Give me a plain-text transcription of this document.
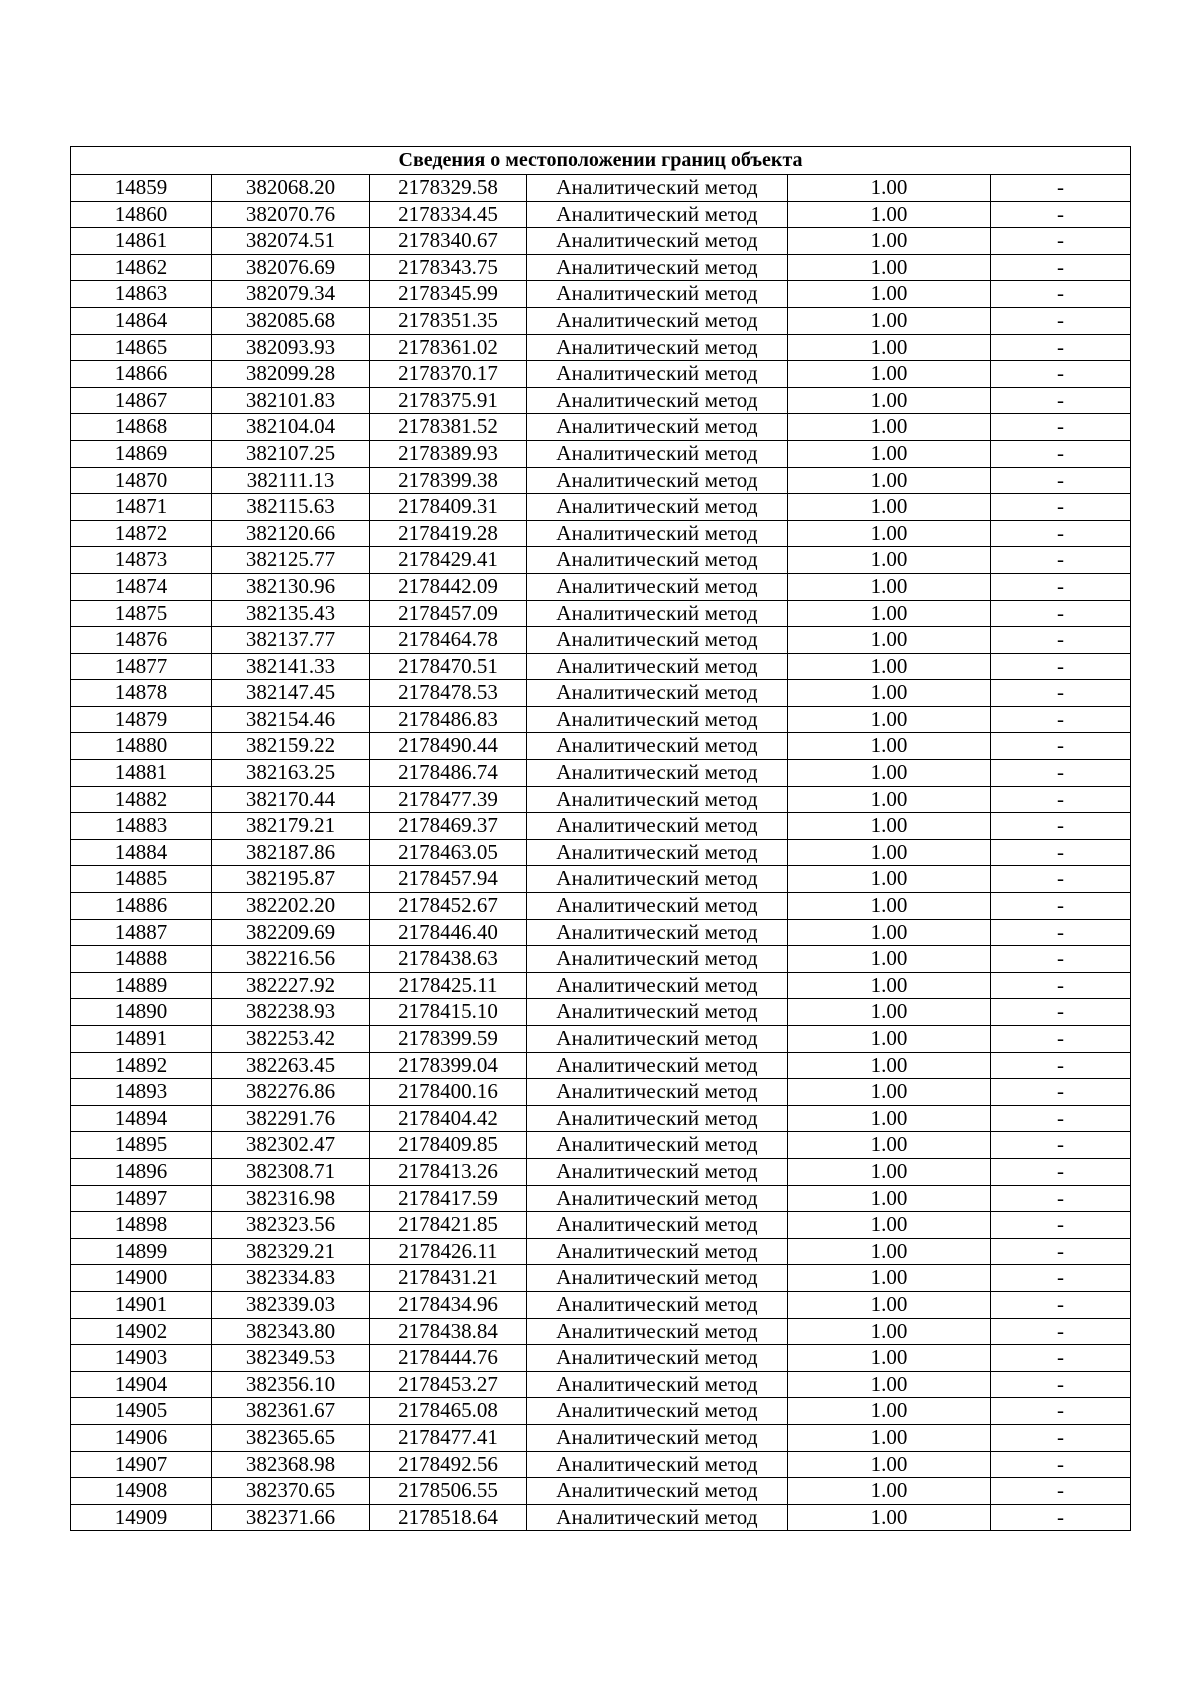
Сведения о местоположении границ объекта					
14859	382068.20	2178329.58	Аналитический метод	1.00	-
14860	382070.76	2178334.45	Аналитический метод	1.00	-
14861	382074.51	2178340.67	Аналитический метод	1.00	-
14862	382076.69	2178343.75	Аналитический метод	1.00	-
14863	382079.34	2178345.99	Аналитический метод	1.00	-
14864	382085.68	2178351.35	Аналитический метод	1.00	-
14865	382093.93	2178361.02	Аналитический метод	1.00	-
14866	382099.28	2178370.17	Аналитический метод	1.00	-
14867	382101.83	2178375.91	Аналитический метод	1.00	-
14868	382104.04	2178381.52	Аналитический метод	1.00	-
14869	382107.25	2178389.93	Аналитический метод	1.00	-
14870	382111.13	2178399.38	Аналитический метод	1.00	-
14871	382115.63	2178409.31	Аналитический метод	1.00	-
14872	382120.66	2178419.28	Аналитический метод	1.00	-
14873	382125.77	2178429.41	Аналитический метод	1.00	-
14874	382130.96	2178442.09	Аналитический метод	1.00	-
14875	382135.43	2178457.09	Аналитический метод	1.00	-
14876	382137.77	2178464.78	Аналитический метод	1.00	-
14877	382141.33	2178470.51	Аналитический метод	1.00	-
14878	382147.45	2178478.53	Аналитический метод	1.00	-
14879	382154.46	2178486.83	Аналитический метод	1.00	-
14880	382159.22	2178490.44	Аналитический метод	1.00	-
14881	382163.25	2178486.74	Аналитический метод	1.00	-
14882	382170.44	2178477.39	Аналитический метод	1.00	-
14883	382179.21	2178469.37	Аналитический метод	1.00	-
14884	382187.86	2178463.05	Аналитический метод	1.00	-
14885	382195.87	2178457.94	Аналитический метод	1.00	-
14886	382202.20	2178452.67	Аналитический метод	1.00	-
14887	382209.69	2178446.40	Аналитический метод	1.00	-
14888	382216.56	2178438.63	Аналитический метод	1.00	-
14889	382227.92	2178425.11	Аналитический метод	1.00	-
14890	382238.93	2178415.10	Аналитический метод	1.00	-
14891	382253.42	2178399.59	Аналитический метод	1.00	-
14892	382263.45	2178399.04	Аналитический метод	1.00	-
14893	382276.86	2178400.16	Аналитический метод	1.00	-
14894	382291.76	2178404.42	Аналитический метод	1.00	-
14895	382302.47	2178409.85	Аналитический метод	1.00	-
14896	382308.71	2178413.26	Аналитический метод	1.00	-
14897	382316.98	2178417.59	Аналитический метод	1.00	-
14898	382323.56	2178421.85	Аналитический метод	1.00	-
14899	382329.21	2178426.11	Аналитический метод	1.00	-
14900	382334.83	2178431.21	Аналитический метод	1.00	-
14901	382339.03	2178434.96	Аналитический метод	1.00	-
14902	382343.80	2178438.84	Аналитический метод	1.00	-
14903	382349.53	2178444.76	Аналитический метод	1.00	-
14904	382356.10	2178453.27	Аналитический метод	1.00	-
14905	382361.67	2178465.08	Аналитический метод	1.00	-
14906	382365.65	2178477.41	Аналитический метод	1.00	-
14907	382368.98	2178492.56	Аналитический метод	1.00	-
14908	382370.65	2178506.55	Аналитический метод	1.00	-
14909	382371.66	2178518.64	Аналитический метод	1.00	-
